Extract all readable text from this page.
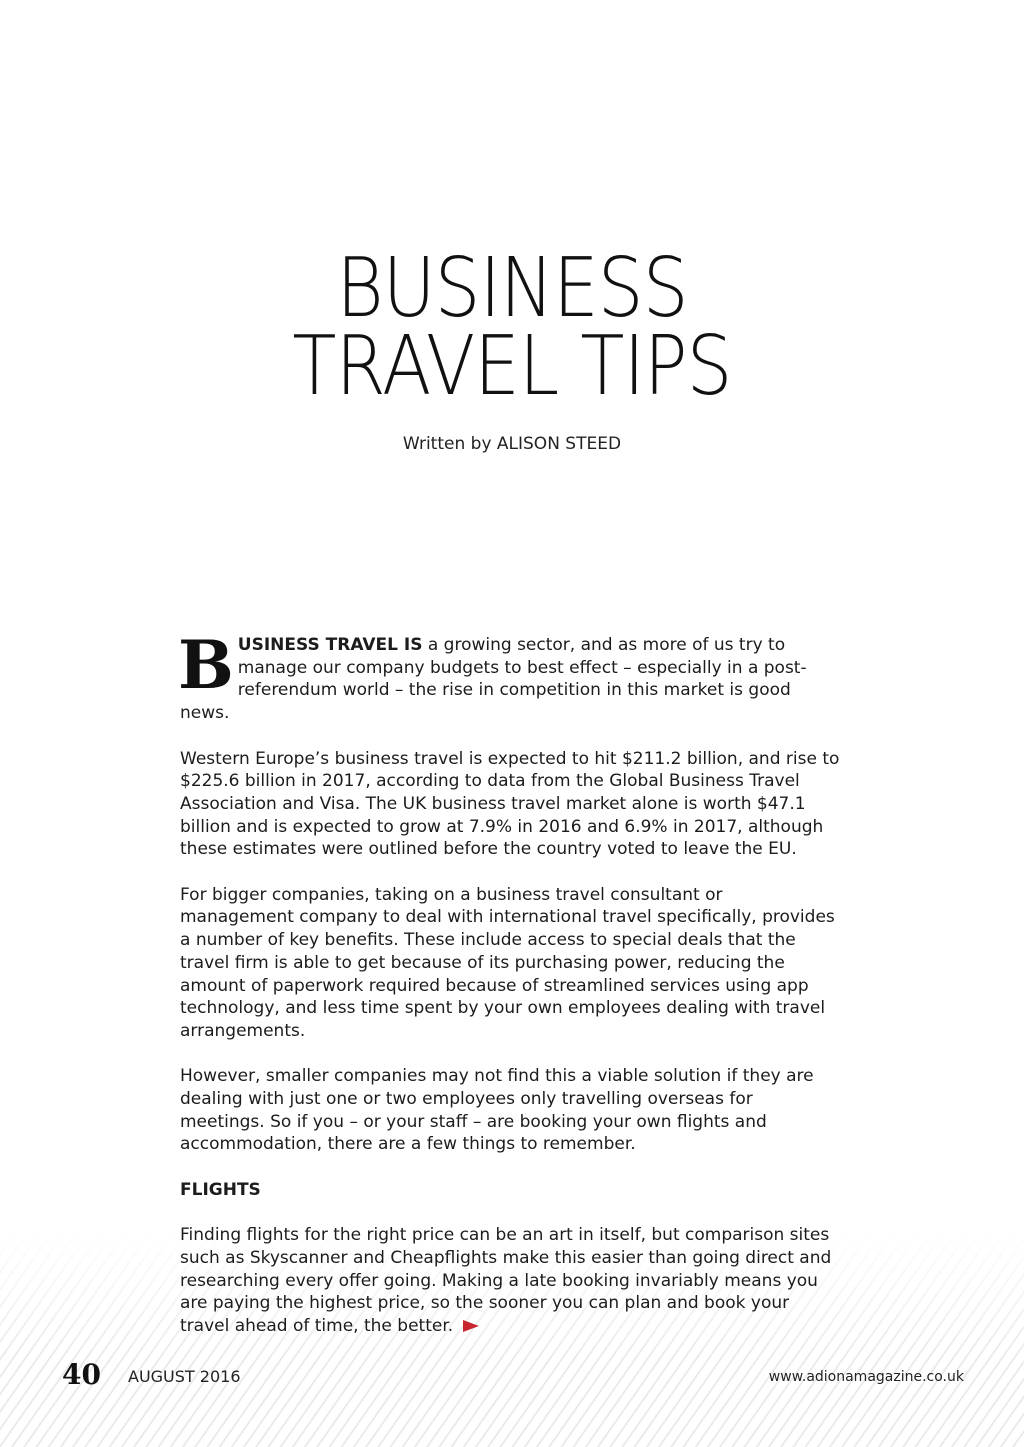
BUSINESS
TRAVEL TIPS
Written by ALISON STEED

BUSINESS TRAVEL IS a growing sector, and as more of us try to manage our company budgets to best effect – especially in a post-referendum world – the rise in competition in this market is good news.

Western Europe’s business travel is expected to hit $211.2 billion, and rise to $225.6 billion in 2017, according to data from the Global Business Travel Association and Visa. The UK business travel market alone is worth $47.1 billion and is expected to grow at 7.9% in 2016 and 6.9% in 2017, although these estimates were outlined before the country voted to leave the EU.

For bigger companies, taking on a business travel consultant or management company to deal with international travel specifically, provides a number of key benefits. These include access to special deals that the travel firm is able to get because of its purchasing power, reducing the amount of paperwork required because of streamlined services using app technology, and less time spent by your own employees dealing with travel arrangements.

However, smaller companies may not find this a viable solution if they are dealing with just one or two employees only travelling overseas for meetings. So if you – or your staff – are booking your own flights and accommodation, there are a few things to remember.

FLIGHTS

Finding flights for the right price can be an art in itself, but comparison sites such as Skyscanner and Cheapflights make this easier than going direct and researching every offer going. Making a late booking invariably means you are paying the highest price, so the sooner you can plan and book your travel ahead of time, the better.

40 AUGUST 2016	www.adionamagazine.co.uk
